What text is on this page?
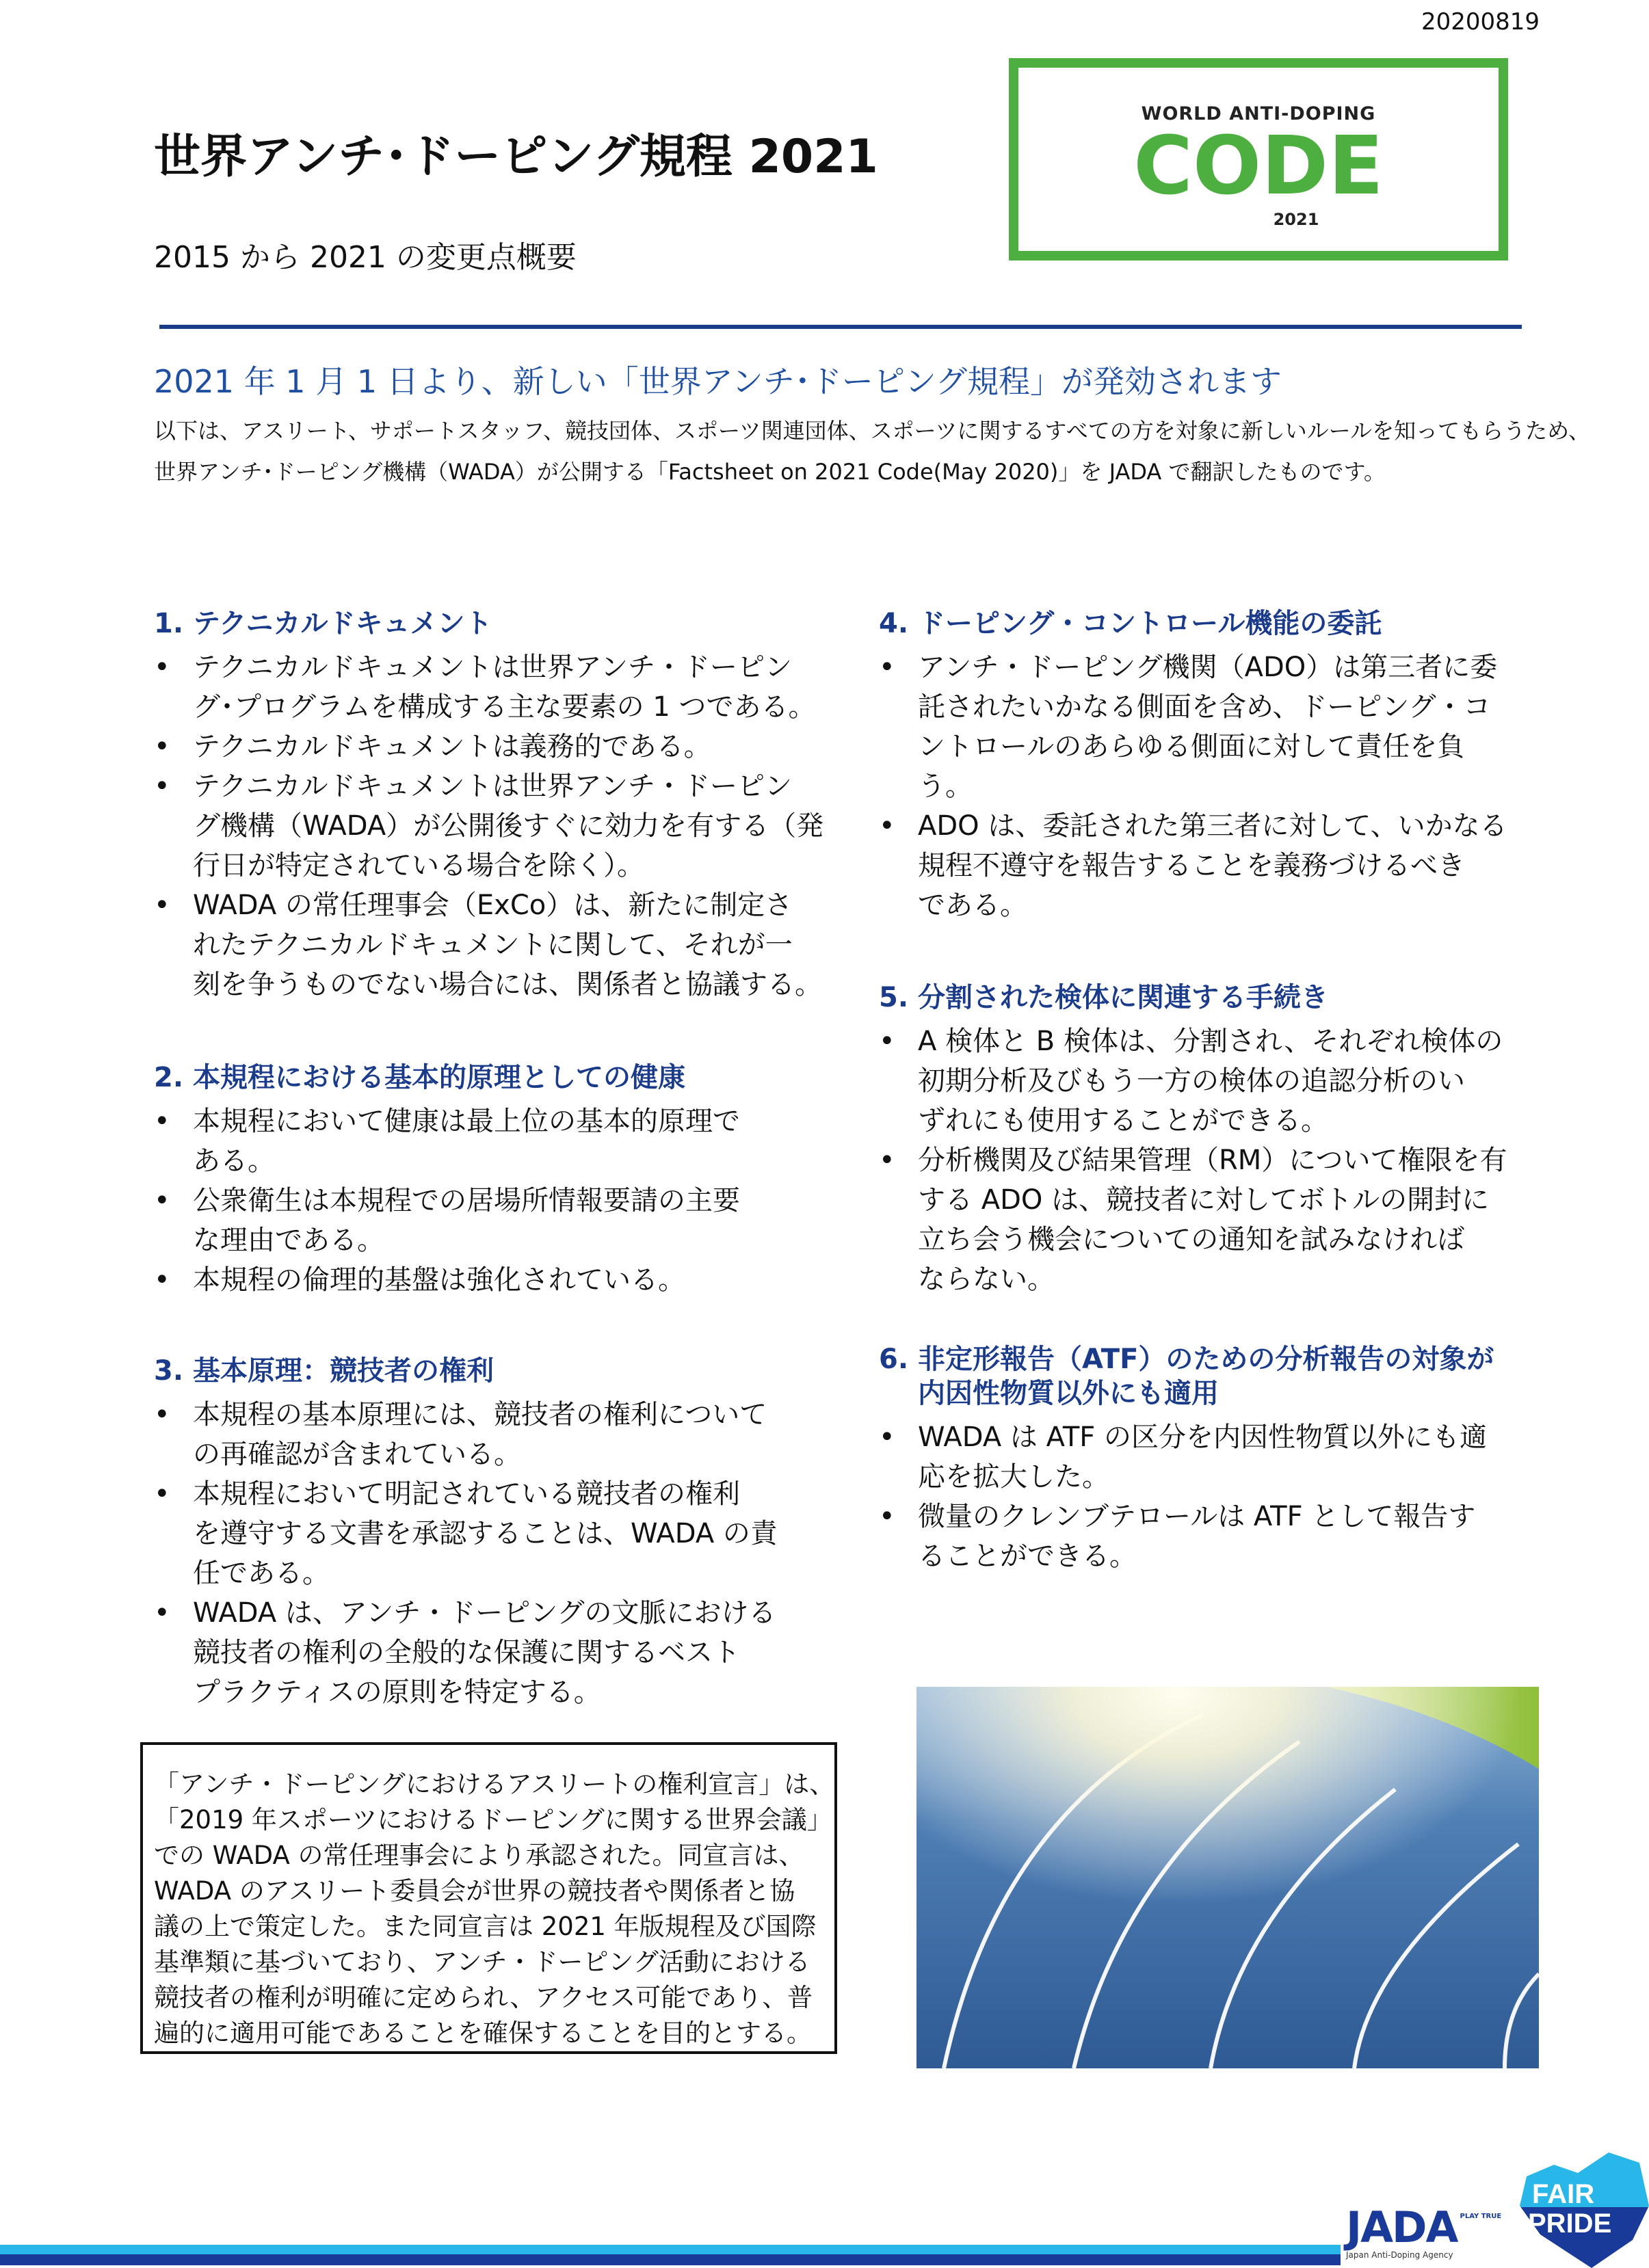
20200819
世界アンチ･ドーピング規程 2021
2015 から 2021 の変更点概要
WORLD ANTI-DOPING
CODE
2021
2021 年 1 月 1 日より、新しい「世界アンチ･ドーピング規程」が発効されます
以下は、アスリート、サポートスタッフ、競技団体、スポーツ関連団体、スポーツに関するすべての方を対象に新しいルールを知ってもらうため、
世界アンチ･ドーピング機構（WADA）が公開する「Factsheet on 2021 Code(May 2020)」を JADA で翻訳したものです。
1. テクニカルドキュメント
• テクニカルドキュメントは世界アンチ・ドーピン
グ･プログラムを構成する主な要素の 1 つである。
• テクニカルドキュメントは義務的である。
• テクニカルドキュメントは世界アンチ・ドーピン
グ機構（WADA）が公開後すぐに効力を有する（発
行日が特定されている場合を除く）。
• WADA の常任理事会（ExCo）は、新たに制定さ
れたテクニカルドキュメントに関して、それが一
刻を争うものでない場合には、関係者と協議する。
2. 本規程における基本的原理としての健康
• 本規程において健康は最上位の基本的原理で
ある。
• 公衆衛生は本規程での居場所情報要請の主要
な理由である。
• 本規程の倫理的基盤は強化されている。
3. 基本原理：競技者の権利
• 本規程の基本原理には、競技者の権利について
の再確認が含まれている。
• 本規程において明記されている競技者の権利
を遵守する文書を承認することは、WADA の責
任である。
• WADA は、アンチ・ドーピングの文脈における
競技者の権利の全般的な保護に関するベスト
プラクティスの原則を特定する。
4. ドーピング・コントロール機能の委託
• アンチ・ドーピング機関（ADO）は第三者に委
託されたいかなる側面を含め、ドーピング・コ
ントロールのあらゆる側面に対して責任を負
う。
• ADO は、委託された第三者に対して、いかなる
規程不遵守を報告することを義務づけるべき
である。
5. 分割された検体に関連する手続き
• A 検体と B 検体は、分割され、それぞれ検体の
初期分析及びもう一方の検体の追認分析のい
ずれにも使用することができる。
• 分析機関及び結果管理（RM）について権限を有
する ADO は、競技者に対してボトルの開封に
立ち会う機会についての通知を試みなければ
ならない。
6. 非定形報告（ATF）のための分析報告の対象が
内因性物質以外にも適用
• WADA は ATF の区分を内因性物質以外にも適
応を拡大した。
• 微量のクレンブテロールは ATF として報告す
ることができる。
「アンチ・ドーピングにおけるアスリートの権利宣言」は、
「2019 年スポーツにおけるドーピングに関する世界会議」
での WADA の常任理事会により承認された。同宣言は、
WADA のアスリート委員会が世界の競技者や関係者と協
議の上で策定した。また同宣言は 2021 年版規程及び国際
基準類に基づいており、アンチ・ドーピング活動における
競技者の権利が明確に定められ、アクセス可能であり、普
遍的に適用可能であることを確保することを目的とする。
JADA PLAY TRUE
Japan Anti-Doping Agency
FAIR
PRIDE
